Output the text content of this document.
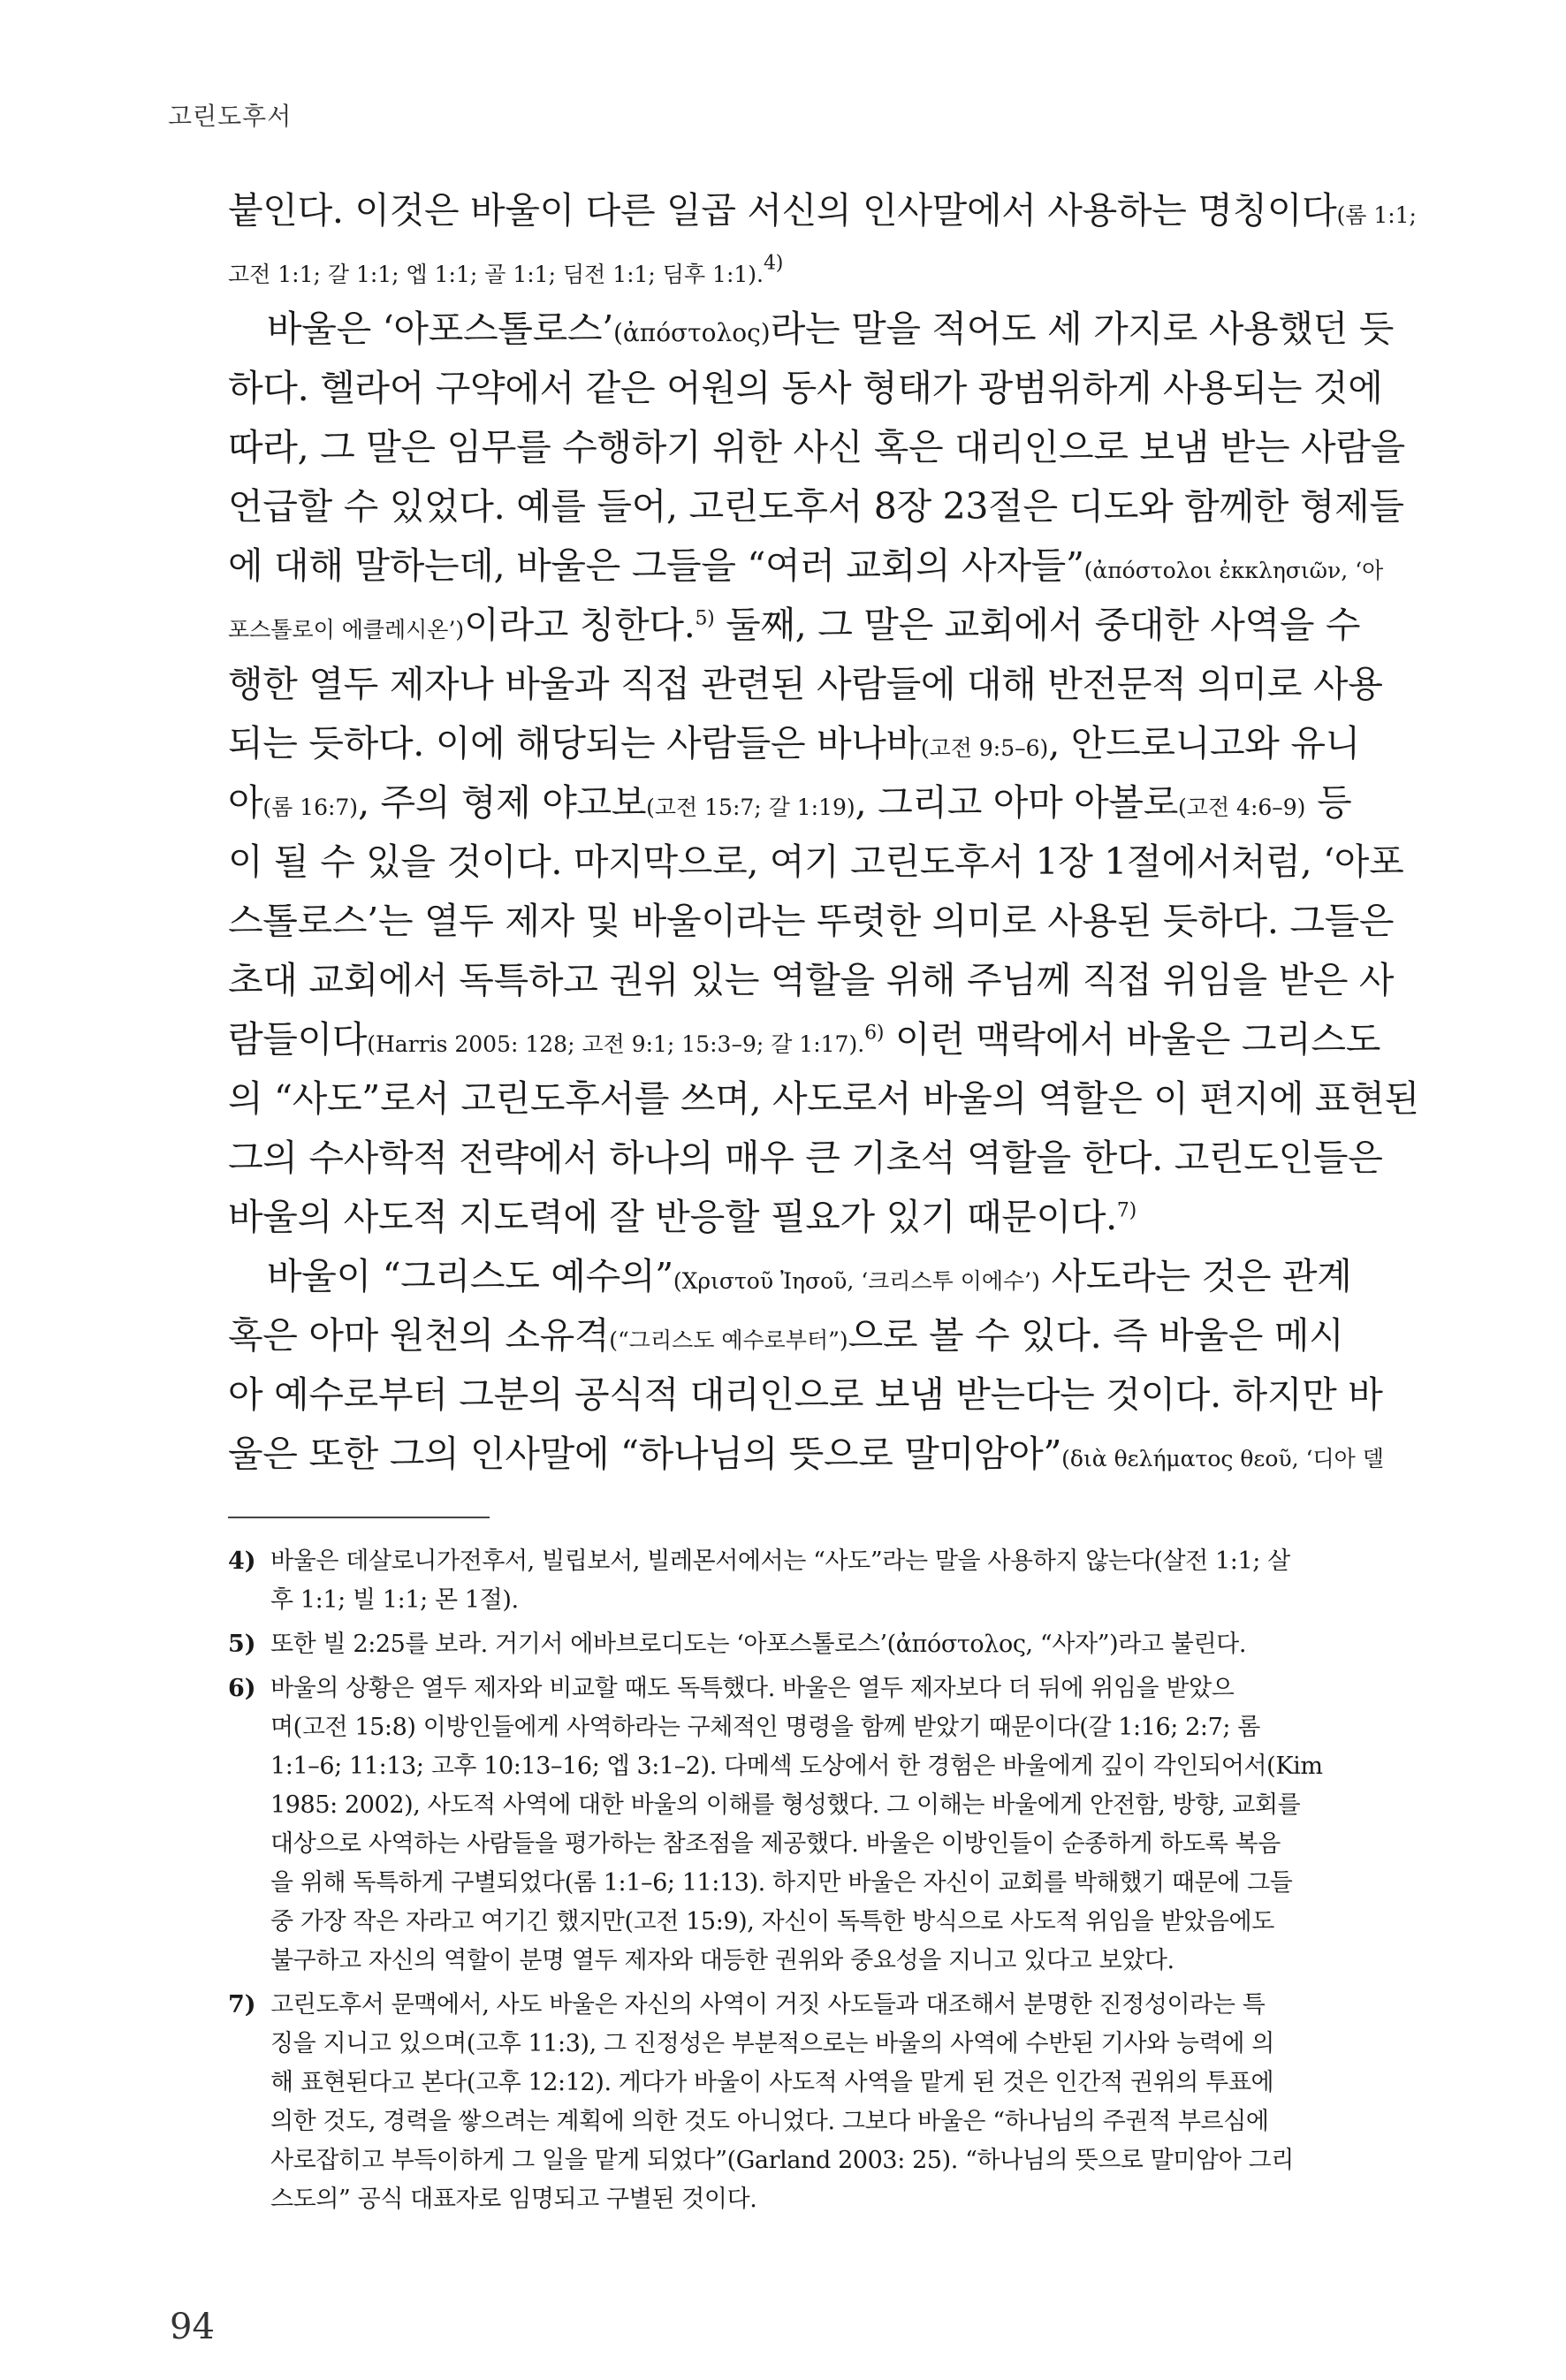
고린도후서
붙인다. 이것은 바울이 다른 일곱 서신의 인사말에서 사용하는 명칭이다(롬 1:1;
고전 1:1; 갈 1:1; 엡 1:1; 골 1:1; 딤전 1:1; 딤후 1:1).$^{4)}$
바울은 ‘아포스톨로스’(ἀπόστολος)라는 말을 적어도 세 가지로 사용했던 듯
하다. 헬라어 구약에서 같은 어원의 동사 형태가 광범위하게 사용되는 것에
따라, 그 말은 임무를 수행하기 위한 사신 혹은 대리인으로 보냄 받는 사람을
언급할 수 있었다. 예를 들어, 고린도후서 8장 23절은 디도와 함께한 형제들
에 대해 말하는데, 바울은 그들을 “여러 교회의 사자들”(ἀπόστολοι ἐκκλησιῶν, ‘아
포스톨로이 에클레시온’)이라고 칭한다.$^{5)}$ 둘째, 그 말은 교회에서 중대한 사역을 수
행한 열두 제자나 바울과 직접 관련된 사람들에 대해 반전문적 의미로 사용
되는 듯하다. 이에 해당되는 사람들은 바나바(고전 9:5–6), 안드로니고와 유니
아(롬 16:7), 주의 형제 야고보(고전 15:7; 갈 1:19), 그리고 아마 아볼로(고전 4:6–9) 등
이 될 수 있을 것이다. 마지막으로, 여기 고린도후서 1장 1절에서처럼, ‘아포
스톨로스’는 열두 제자 및 바울이라는 뚜렷한 의미로 사용된 듯하다. 그들은
초대 교회에서 독특하고 권위 있는 역할을 위해 주님께 직접 위임을 받은 사
람들이다(Harris 2005: 128; 고전 9:1; 15:3–9; 갈 1:17).$^{6)}$ 이런 맥락에서 바울은 그리스도
의 “사도”로서 고린도후서를 쓰며, 사도로서 바울의 역할은 이 편지에 표현된
그의 수사학적 전략에서 하나의 매우 큰 기초석 역할을 한다. 고린도인들은
바울의 사도적 지도력에 잘 반응할 필요가 있기 때문이다.$^{7)}$
바울이 “그리스도 예수의”(Χριστοῦ Ἰησοῦ, ‘크리스투 이에수’) 사도라는 것은 관계
혹은 아마 원천의 소유격(“그리스도 예수로부터”)으로 볼 수 있다. 즉 바울은 메시
아 예수로부터 그분의 공식적 대리인으로 보냄 받는다는 것이다. 하지만 바
울은 또한 그의 인사말에 “하나님의 뜻으로 말미암아”(διὰ θελήματος θεοῦ, ‘디아 델
4) 바울은 데살로니가전후서, 빌립보서, 빌레몬서에서는 “사도”라는 말을 사용하지 않는다(살전 1:1; 살
후 1:1; 빌 1:1; 몬 1절).
5) 또한 빌 2:25를 보라. 거기서 에바브로디도는 ‘아포스톨로스’(ἀπόστολος, “사자”)라고 불린다.
6) 바울의 상황은 열두 제자와 비교할 때도 독특했다. 바울은 열두 제자보다 더 뒤에 위임을 받았으
며(고전 15:8) 이방인들에게 사역하라는 구체적인 명령을 함께 받았기 때문이다(갈 1:16; 2:7; 롬
1:1–6; 11:13; 고후 10:13–16; 엡 3:1–2). 다메섹 도상에서 한 경험은 바울에게 깊이 각인되어서(Kim
1985: 2002), 사도적 사역에 대한 바울의 이해를 형성했다. 그 이해는 바울에게 안전함, 방향, 교회를
대상으로 사역하는 사람들을 평가하는 참조점을 제공했다. 바울은 이방인들이 순종하게 하도록 복음
을 위해 독특하게 구별되었다(롬 1:1–6; 11:13). 하지만 바울은 자신이 교회를 박해했기 때문에 그들
중 가장 작은 자라고 여기긴 했지만(고전 15:9), 자신이 독특한 방식으로 사도적 위임을 받았음에도
불구하고 자신의 역할이 분명 열두 제자와 대등한 권위와 중요성을 지니고 있다고 보았다.
7) 고린도후서 문맥에서, 사도 바울은 자신의 사역이 거짓 사도들과 대조해서 분명한 진정성이라는 특
징을 지니고 있으며(고후 11:3), 그 진정성은 부분적으로는 바울의 사역에 수반된 기사와 능력에 의
해 표현된다고 본다(고후 12:12). 게다가 바울이 사도적 사역을 맡게 된 것은 인간적 권위의 투표에
의한 것도, 경력을 쌓으려는 계획에 의한 것도 아니었다. 그보다 바울은 “하나님의 주권적 부르심에
사로잡히고 부득이하게 그 일을 맡게 되었다”(Garland 2003: 25). “하나님의 뜻으로 말미암아 그리
스도의” 공식 대표자로 임명되고 구별된 것이다.
94
